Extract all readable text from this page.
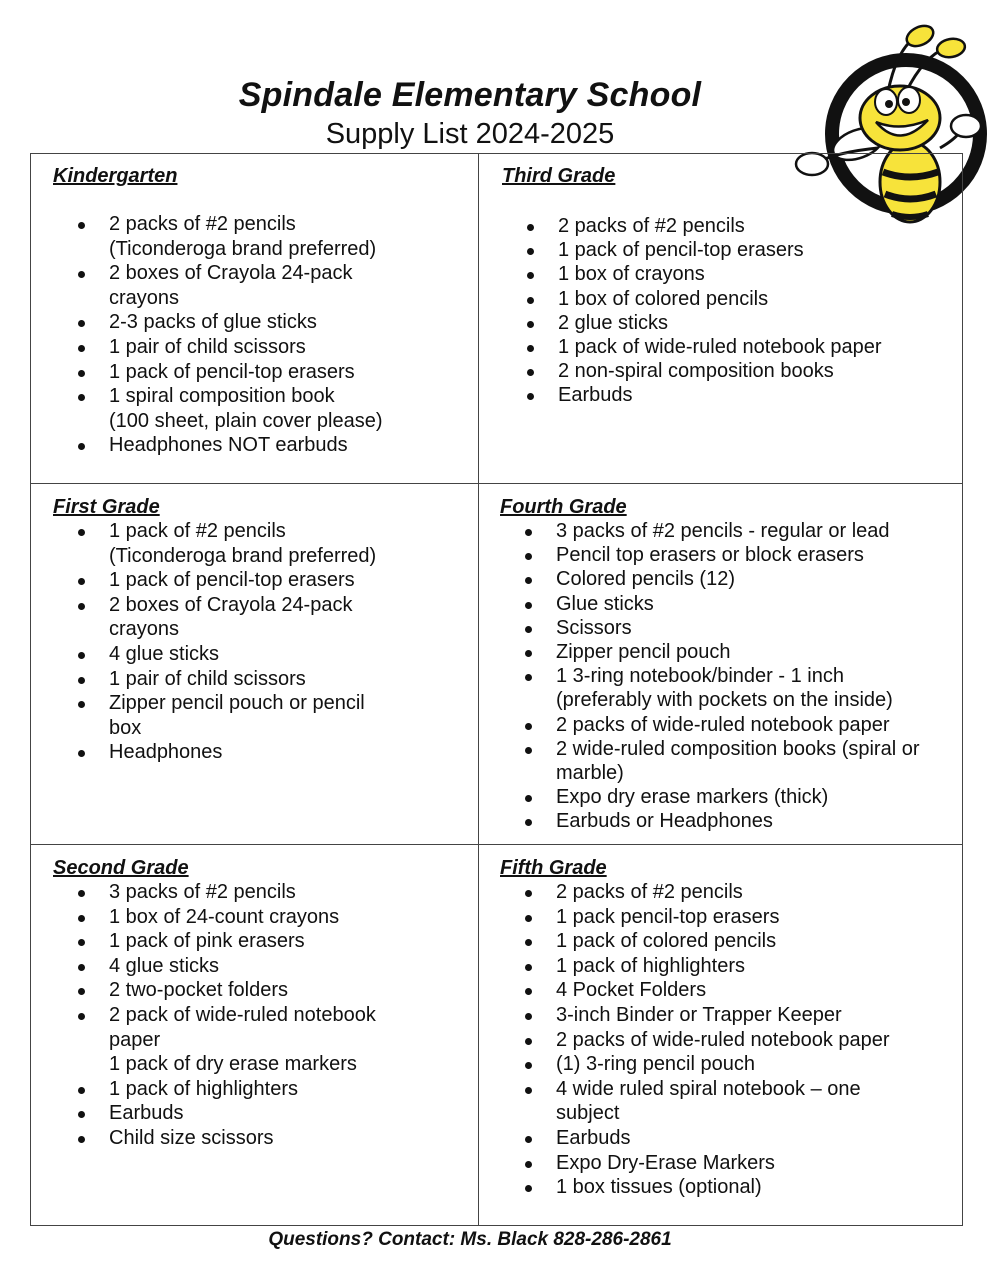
Spindale Elementary School
Supply List 2024-2025
Kindergarten
2 packs of #2 pencils
(Ticonderoga brand preferred)
2 boxes of Crayola 24-pack
crayons
2-3 packs of glue sticks
1 pair of child scissors
1 pack of pencil-top erasers
1 spiral composition book
(100 sheet, plain cover please)
Headphones NOT earbuds
Third Grade
2 packs of #2 pencils
1 pack of pencil-top erasers
1 box of crayons
1 box of colored pencils
2 glue sticks
1 pack of wide-ruled notebook paper
2 non-spiral composition books
Earbuds
First Grade
1 pack of #2 pencils
(Ticonderoga brand preferred)
1 pack of pencil-top erasers
2 boxes of Crayola 24-pack
crayons
4 glue sticks
1 pair of child scissors
Zipper pencil pouch or pencil
box
Headphones
Fourth Grade
3 packs of #2 pencils - regular or lead
Pencil top erasers or block erasers
Colored pencils (12)
Glue sticks
Scissors
Zipper pencil pouch
1 3-ring notebook/binder - 1 inch
(preferably with pockets on the inside)
2 packs of wide-ruled notebook paper
2 wide-ruled composition books (spiral or
marble)
Expo dry erase markers (thick)
Earbuds or Headphones
Second Grade
3 packs of #2 pencils
1 box of 24-count crayons
1 pack of pink erasers
4 glue sticks
2 two-pocket folders
2 pack of wide-ruled notebook
paper
1 pack of dry erase markers
1 pack of highlighters
Earbuds
Child size scissors
Fifth Grade
2 packs of #2 pencils
1 pack pencil-top erasers
1 pack of colored pencils
1 pack of highlighters
4 Pocket Folders
3-inch Binder or Trapper Keeper
2 packs of wide-ruled notebook paper
(1) 3-ring pencil pouch
4 wide ruled spiral notebook – one
subject
Earbuds
Expo Dry-Erase Markers
1 box tissues (optional)
Questions? Contact: Ms. Black 828-286-2861
